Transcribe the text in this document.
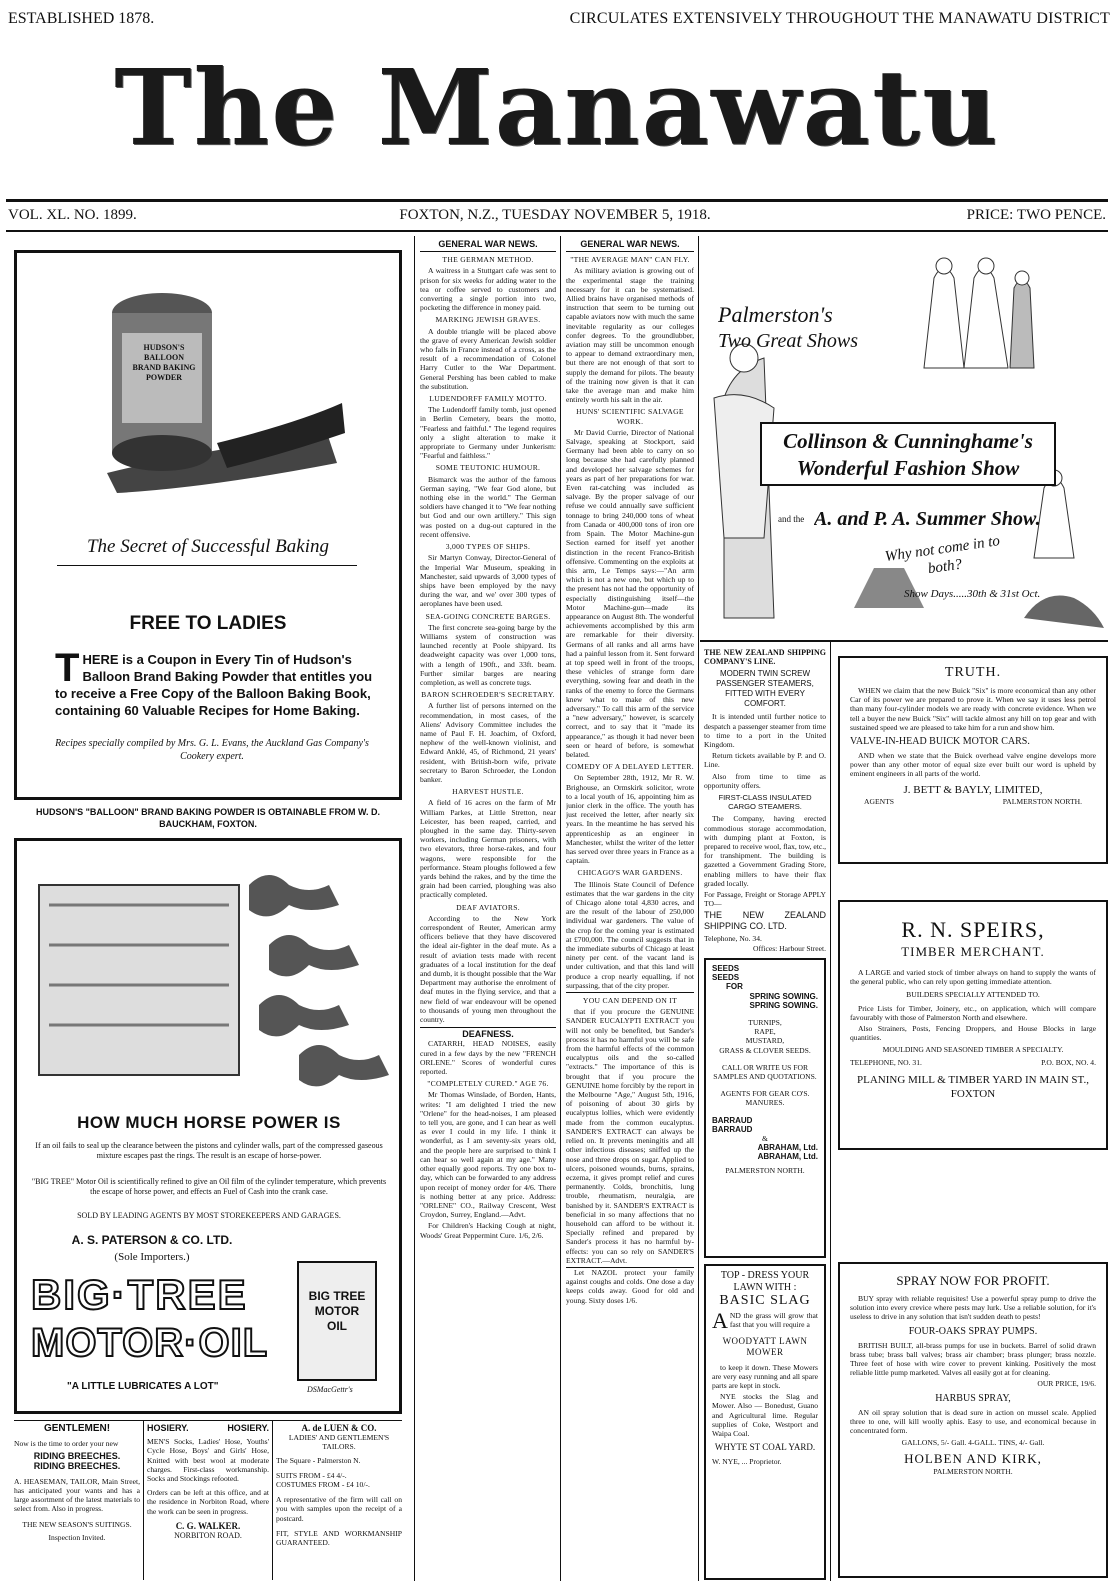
ESTABLISHED 1878.	CIRCULATES EXTENSIVELY THROUGHOUT THE MANAWATU DISTRICT
The Manawatu
VOL. XL. NO. 1899.	FOXTON, N.Z., TUESDAY NOVEMBER 5, 1918.	PRICE: TWO PENCE.
HUDSON'S BALLOON BRAND BAKING POWDER
The Secret of Successful Baking
FREE TO LADIES
T HERE is a Coupon in Every Tin of Hudson's Balloon Brand Baking Powder that entitles you to receive a Free Copy of the Balloon Baking Book, containing 60 Valuable Recipes for Home Baking.
Recipes specially compiled by Mrs. G. L. Evans, the Auckland Gas Company's Cookery expert.
HUDSON'S "BALLOON" BRAND BAKING POWDER IS OBTAINABLE FROM W. D. BAUCKHAM, FOXTON.
HOW MUCH HORSE POWER IS
If an oil fails to seal up the clearance between the pistons and cylinder walls, part of the compressed gaseous mixture escapes past the rings. The result is an escape of horse-power.
"BIG TREE" Motor Oil is scientifically refined to give an Oil film of the cylinder temperature, which prevents the escape of horse power, and effects an Fuel of Cash into the crank case.
SOLD BY LEADING AGENTS BY MOST STOREKEEPERS AND GARAGES.
A. S. PATERSON & CO. LTD.
(Sole Importers.)
BIG·TREE
MOTOR·OIL
"A LITTLE LUBRICATES A LOT"
BIG TREE MOTOR OIL
DSMacGettr's
GENTLEMEN!
Now is the time to order your new
RIDING BREECHES.
RIDING BREECHES.
A. HEASEMAN, TAILOR, Main Street, has anticipated your wants and has a large assortment of the latest materials to select from. Also in progress.
THE NEW SEASON'S SUITINGS.
Inspection Invited.
HOSIERY.	HOSIERY.
MEN'S Socks, Ladies' Hose, Youths' Cycle Hose, Boys' and Girls' Hose, Knitted with best wool at moderate charges. First-class workmanship. Socks and Stockings refooted.
Orders can be left at this office, and at the residence in Norbiton Road, where the work can be seen in progress.
C. G. WALKER.
NORBITON ROAD.
A. de LUEN & CO.
LADIES' AND GENTLEMEN'S TAILORS.
The Square - Palmerston N.
SUITS FROM - £4 4/-.
COSTUMES FROM - £4 10/-.
A representative of the firm will call on you with samples upon the receipt of a postcard.
FIT, STYLE AND WORKMANSHIP GUARANTEED.
GENERAL WAR NEWS.
THE GERMAN METHOD.

A waitress in a Stuttgart cafe was sent to prison for six weeks for adding water to the tea or coffee served to customers and converting a single portion into two, pocketing the difference in money paid.

MARKING JEWISH GRAVES.

A double triangle will be placed above the grave of every American Jewish soldier who falls in France instead of a cross, as the result of a recommendation of Colonel Harry Cutler to the War Department. General Pershing has been cabled to make the substitution.

LUDENDORFF FAMILY MOTTO.

The Ludendorff family tomb, just opened in Berlin Cemetery, bears the motto, "Fearless and faithful." The legend requires only a slight alteration to make it appropriate to Germany under Junkerism: "Fearful and faithless."

SOME TEUTONIC HUMOUR.

Bismarck was the author of the famous German saying, "We fear God alone, but nothing else in the world." The German soldiers have changed it to "We fear nothing but God and our own artillery." This sign was posted on a dug-out captured in the recent offensive.

3,000 TYPES OF SHIPS.

Sir Martyn Conway, Director-General of the Imperial War Museum, speaking in Manchester, said upwards of 3,000 types of ships have been employed by the navy during the war, and we' over 300 types of aeroplanes have been used.

SEA-GOING CONCRETE BARGES.

The first concrete sea-going barge by the Williams system of construction was launched recently at Poole shipyard. Its deadweight capacity was over 1,000 tons, with a length of 190ft., and 33ft. beam. Further similar barges are nearing completion, as well as concrete tugs.

BARON SCHROEDER'S SECRETARY.

A further list of persons interned on the recommendation, in most cases, of the Aliens' Advisory Committee includes the name of Paul F. H. Joachim, of Oxford, nephew of the well-known violinist, and Edward Anklé, 45, of Richmond, 21 years' resident, with British-born wife, private secretary to Baron Schroeder, the London banker.

HARVEST HUSTLE.

A field of 16 acres on the farm of Mr William Parkes, at Little Stretton, near Leicester, has been reaped, carried, and ploughed in the same day. Thirty-seven workers, including German prisoners, with two elevators, three horse-rakes, and four wagons, were responsible for the performance. Steam ploughs followed a few yards behind the rakes, and by the time the grain had been carried, ploughing was also practically completed.

DEAF AVIATORS.

According to the New York correspondent of Reuter, American army officers believe that they have discovered the ideal air-fighter in the deaf mute. As a result of aviation tests made with recent graduates of a local institution for the deaf and dumb, it is thought possible that the War Department may authorise the enrolment of deaf mutes in the flying service, and that a new field of war endeavour will be opened to thousands of young men throughout the country.

DEAFNESS.

CATARRH, HEAD NOISES, easily cured in a few days by the new "FRENCH ORLENE." Scores of wonderful cures reported.

"COMPLETELY CURED." AGE 76.

Mr Thomas Winslade, of Borden, Hants, writes: "I am delighted I tried the new "Orlene" for the head-noises, I am pleased to tell you, are gone, and I can hear as well as ever I could in my life. I think it wonderful, as I am seventy-six years old, and the people here are surprised to think I can hear so well again at my age." Many other equally good reports. Try one box to-day, which can be forwarded to any address upon receipt of money order for 4/6. There is nothing better at any price. Address: "ORLENE" CO., Railway Crescent, West Croydon, Surrey, England.—Advt.

For Children's Hacking Cough at night, Woods' Great Peppermint Cure. 1/6, 2/6.

GENERAL WAR NEWS.
"THE AVERAGE MAN" CAN FLY.

As military aviation is growing out of the experimental stage the training necessary for it can be systematised. Allied brains have organised methods of instruction that seem to be turning out capable aviators now with much the same inevitable regularity as our colleges confer degrees. To the groundlubber, aviation may still be uncommon enough to appear to demand extraordinary men, but there are not enough of that sort to supply the demand for pilots. The beauty of the training now given is that it can take the average man and make him entirely worth his salt in the air.

HUNS' SCIENTIFIC SALVAGE WORK.

Mr David Currie, Director of National Salvage, speaking at Stockport, said Germany had been able to carry on so long because she had carefully planned and developed her salvage schemes for years as part of her preparations for war. Even rat-catching was included as salvage. By the proper salvage of our refuse we could annually save sufficient tonnage to bring 240,000 tons of wheat from Canada or 400,000 tons of iron ore from Spain. The Motor Machine-gun Section earned for itself yet another distinction in the recent Franco-British offensive. Commenting on the exploits at this arm, Le Temps says:—"An arm which is not a new one, but which up to the present has not had the opportunity of especially distinguishing itself—the Motor Machine-gun—made its appearance on August 8th. The wonderful achievements accomplished by this arm are remarkable for their diversity. Germans of all ranks and all arms have had a painful lesson from it. Sent forward at top speed well in front of the troops, these vehicles of strange form dare everything, sowing fear and death in the ranks of the enemy to force the Germans knew what to make of this new adversary." To call this arm of the service a "new adversary," however, is scarcely correct, and to say that it "made its appearance," as though it had never been seen or heard of before, is somewhat belated.

COMEDY OF A DELAYED LETTER.

On September 28th, 1912, Mr R. W. Brighouse, an Ormskirk solicitor, wrote to a local youth of 16, appointing him as junior clerk in the office. The youth has just received the letter, after nearly six years. In the meantime he has served his apprenticeship as an engineer in Manchester, whilst the writer of the letter has served over three years in France as a captain.

CHICAGO'S WAR GARDENS.

The Illinois State Council of Defence estimates that the war gardens in the city of Chicago alone total 4,830 acres, and are the result of the labour of 250,000 individual war gardeners. The value of the crop for the coming year is estimated at £700,000. The council suggests that in the immediate suburbs of Chicago at least ninety per cent. of the vacant land is under cultivation, and that this land will produce a crop nearly equalling, if not surpassing, that of the city proper.

YOU CAN DEPEND ON IT

that if you procure the GENUINE SANDER EUCALYPTI EXTRACT you will not only be benefited, but Sander's process it has no harmful you will be safe from the harmful effects of the common eucalyptus oils and the so-called "extracts." The importance of this is brought that if you procure the GENUINE home forcibly by the report in the Melbourne "Age," August 5th, 1916, of poisoning of about 30 girls by eucalyptus lollies, which were evidently made from the common eucalyptus. SANDER'S EXTRACT can always be relied on. It prevents meningitis and all other infectious diseases; sniffed up the nose and three drops on sugar. Applied to ulcers, poisoned wounds, burns, sprains, eczema, it gives prompt relief and cures permanently. Colds, bronchitis, lung trouble, rheumatism, neuralgia, are banished by it. SANDER'S EXTRACT is beneficial in so many affections that no household can afford to be without it. Specially refined and prepared by Sander's process it has no harmful by-effects: you can so rely on SANDER'S EXTRACT.—Advt.

Let NAZOL protect your family against coughs and colds. One dose a day keeps colds away. Good for old and young. Sixty doses 1/6.

Palmerston's
Two Great Shows
Collinson & Cunninghame's
Wonderful Fashion Show
and the A. and P. A. Summer Show.
Why not come in to both?
Show Days.....30th & 31st Oct.
THE NEW ZEALAND SHIPPING COMPANY'S LINE.
MODERN TWIN SCREW PASSENGER STEAMERS, FITTED WITH EVERY COMFORT.

It is intended until further notice to despatch a passenger steamer from time to time to a port in the United Kingdom.

Return tickets available by P. and O. Line.

Also from time to time as opportunity offers.

FIRST-CLASS INSULATED CARGO STEAMERS.

The Company, having erected commodious storage accommodation, with dumping plant at Foxton, is prepared to receive wool, flax, tow, etc., for transhipment. The building is gazetted a Government Grading Store, enabling millers to have their flax graded locally.

For Passage, Freight or Storage APPLY TO—
THE NEW ZEALAND SHIPPING CO. LTD.
Telephone, No. 34.
Offices: Harbour Street.
SEEDS
SEEDS
FOR
SPRING SOWING.
SPRING SOWING.
TURNIPS,
RAPE,
MUSTARD,
GRASS & CLOVER SEEDS.
CALL OR WRITE US FOR SAMPLES AND QUOTATIONS.
AGENTS FOR GEAR CO'S. MANURES.
BARRAUD
BARRAUD
&
ABRAHAM, Ltd.
ABRAHAM, Ltd.
PALMERSTON NORTH.
TOP - DRESS YOUR LAWN WITH :
BASIC SLAG
A ND the grass will grow that fast that you will require a
WOODYATT LAWN MOWER

to keep it down. These Mowers are very easy running and all spare parts are kept in stock.

NYE stocks the Slag and Mower. Also — Bonedust, Guano and Agricultural lime. Regular supplies of Coke, Westport and Waipa Coal.

WHYTE ST COAL YARD.
W. NYE, ... Proprietor.
TRUTH.

WHEN we claim that the new Buick "Six" is more economical than any other Car of its power we are prepared to prove it. When we say it uses less petrol than many four-cylinder models we are ready with concrete evidence. When we tell a buyer the new Buick "Six" will tackle almost any hill on top gear and with sustained speed we are pleased to take him for a run and show him.

VALVE-IN-HEAD BUICK MOTOR CARS.

AND when we state that the Buick overhead valve engine develops more power than any other motor of equal size ever built our word is upheld by eminent engineers in all parts of the world.

J. BETT & BAYLY, LIMITED,
AGENTS	PALMERSTON NORTH.
R. N. SPEIRS,
TIMBER MERCHANT.

A LARGE and varied stock of timber always on hand to supply the wants of the general public, who can rely upon getting immediate attention.

BUILDERS SPECIALLY ATTENDED TO.

Price Lists for Timber, Joinery, etc., on application, which will compare favourably with those of Palmerston North and elsewhere.

Also Strainers, Posts, Fencing Droppers, and House Blocks in large quantities.

MOULDING AND SEASONED TIMBER A SPECIALTY.
TELEPHONE, NO. 31.	P.O. BOX, NO. 4.
PLANING MILL & TIMBER YARD IN MAIN ST., FOXTON
SPRAY NOW FOR PROFIT.

BUY spray with reliable requisites! Use a powerful spray pump to drive the solution into every crevice where pests may lurk. Use a reliable solution, for it's useless to drive in any solution that isn't sudden death to pests!

FOUR-OAKS SPRAY PUMPS.

BRITISH BUILT, all-brass pumps for use in buckets. Barrel of solid drawn brass tube; brass ball valves; brass air chamber; brass plunger; brass nozzle. Three feet of hose with wire cover to prevent kinking. Positively the most reliable little pump marketed. Valves all easily got at for cleaning.

OUR PRICE, 19/6.
HARBUS SPRAY,

AN oil spray solution that is dead sure in action on mussel scale. Applied three to one, will kill woolly aphis. Easy to use, and economical because in concentrated form.

GALLONS, 5/- Gall. 4-GALL. TINS, 4/- Gall.
HOLBEN AND KIRK,
PALMERSTON NORTH.
